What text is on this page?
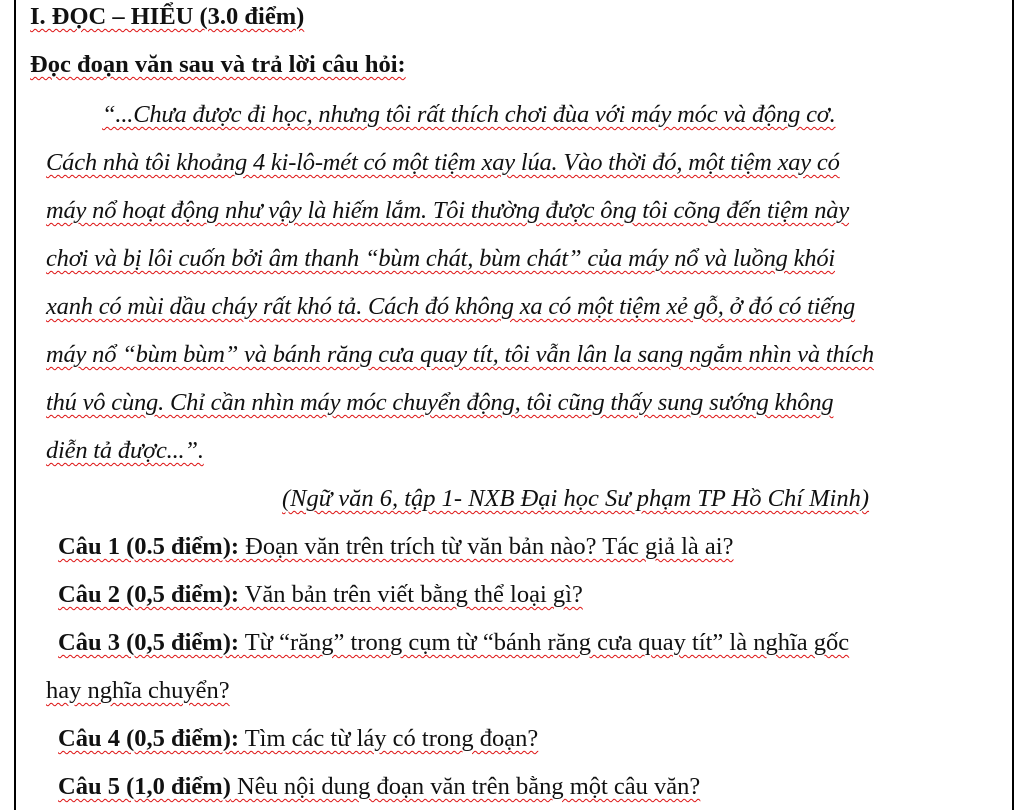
I. ĐỌC – HIỂU (3.0 điểm)
Đọc đoạn văn sau và trả lời câu hỏi:
“...Chưa được đi học, nhưng tôi rất thích chơi đùa với máy móc và động cơ.
Cách nhà tôi khoảng 4 ki-lô-mét có một tiệm xay lúa. Vào thời đó, một tiệm xay có
máy nổ hoạt động như vậy là hiếm lắm. Tôi thường được ông tôi cõng đến tiệm này
chơi và bị lôi cuốn bởi âm thanh “bùm chát, bùm chát” của máy nổ và luồng khói
xanh có mùi dầu cháy rất khó tả. Cách đó không xa có một tiệm xẻ gỗ, ở đó có tiếng
máy nổ “bùm bùm” và bánh răng cưa quay tít, tôi vẫn lân la sang ngắm nhìn và thích
thú vô cùng. Chỉ cần nhìn máy móc chuyển động, tôi cũng thấy sung sướng không
diễn tả được...”.
(Ngữ văn 6, tập 1- NXB Đại học Sư phạm TP Hồ Chí Minh)
Câu 1 (0.5 điểm): Đoạn văn trên trích từ văn bản nào? Tác giả là ai?
Câu 2 (0,5 điểm): Văn bản trên viết bằng thể loại gì?
Câu 3 (0,5 điểm): Từ “răng” trong cụm từ “bánh răng cưa quay tít” là nghĩa gốc
hay nghĩa chuyển?
Câu 4 (0,5 điểm): Tìm các từ láy có trong đoạn?
Câu 5 (1,0 điểm) Nêu nội dung đoạn văn trên bằng một câu văn?
